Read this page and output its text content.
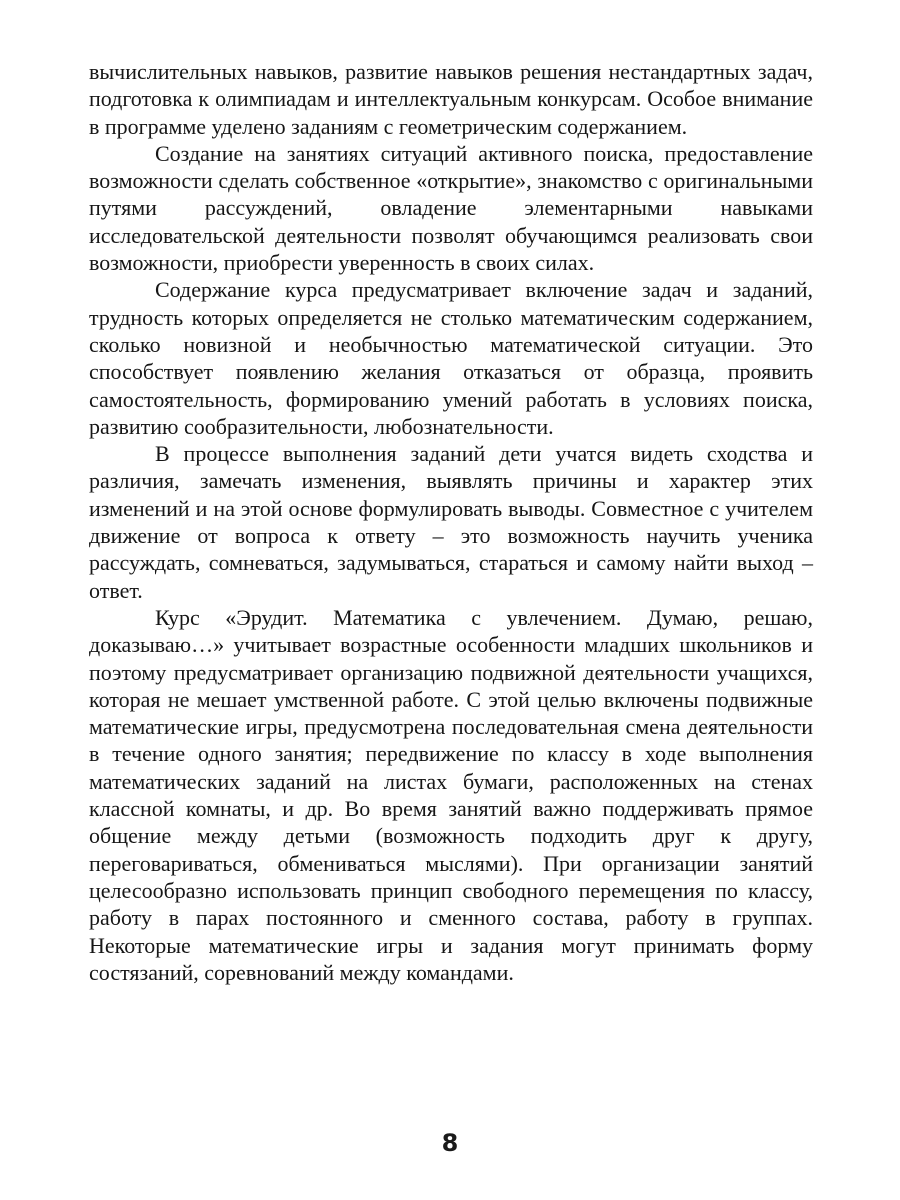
вычислительных навыков, развитие навыков решения нестандартных задач, подготовка к олимпиадам и интеллектуальным конкурсам. Особое внимание в программе уделено заданиям с геометрическим содержанием.

Создание на занятиях ситуаций активного поиска, предоставление возможности сделать собственное «открытие», знакомство с оригинальными путями рассуждений, овладение элементарными навыками исследовательской деятельности позволят обучающимся реализовать свои возможности, приобрести уверенность в своих силах.

Содержание курса предусматривает включение задач и заданий, трудность которых определяется не столько математическим содержанием, сколько новизной и необычностью математической ситуации. Это способствует появлению желания отказаться от образца, проявить самостоятельность, формированию умений работать в условиях поиска, развитию сообразительности, любознательности.

В процессе выполнения заданий дети учатся видеть сходства и различия, замечать изменения, выявлять причины и характер этих изменений и на этой основе формулировать выводы. Совместное с учителем движение от вопроса к ответу – это возможность научить ученика рассуждать, сомневаться, задумываться, стараться и самому найти выход – ответ.

Курс «Эрудит. Математика с увлечением. Думаю, решаю, доказываю…» учитывает возрастные особенности младших школьников и поэтому предусматривает организацию подвижной деятельности учащихся, которая не мешает умственной работе. С этой целью включены подвижные математические игры, предусмотрена последовательная смена деятельности в течение одного занятия; передвижение по классу в ходе выполнения математических заданий на листах бумаги, расположенных на стенах классной комнаты, и др. Во время занятий важно поддерживать прямое общение между детьми (возможность подходить друг к другу, переговариваться, обмениваться мыслями). При организации занятий целесообразно использовать принцип свободного перемещения по классу, работу в парах постоянного и сменного состава, работу в группах. Некоторые математические игры и задания могут принимать форму состязаний, соревнований между командами.

8
